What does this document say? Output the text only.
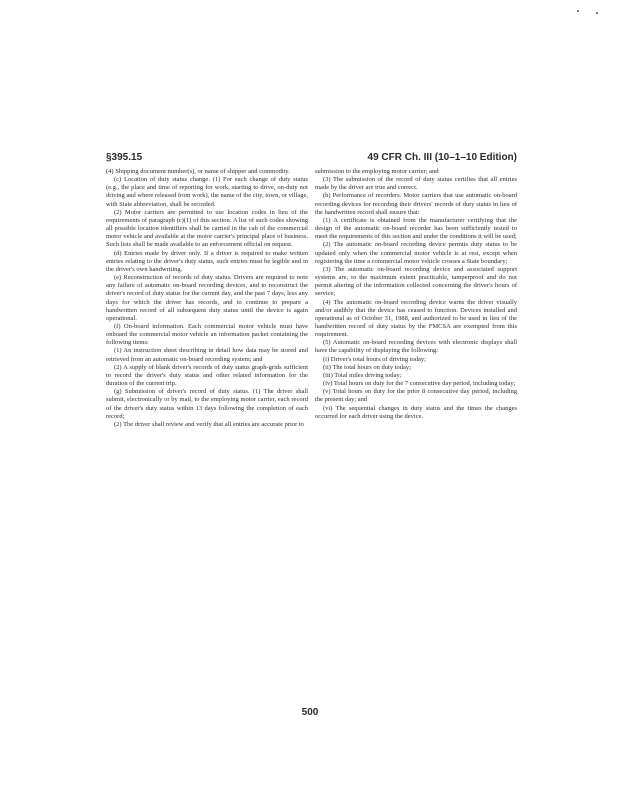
§395.15	49 CFR Ch. III (10–1–10 Edition)

(4) Shipping document number(s), or name of shipper and commodity.

(c) Location of duty status change. (1) For each change of duty status (e.g., the place and time of reporting for work, starting to drive, on-duty not driving and where released from work), the name of the city, town, or village, with State abbreviation, shall be recorded.

(2) Motor carriers are permitted to use location codes in lieu of the requirements of paragraph (c)(1) of this section. A list of such codes showing all possible location identifiers shall be carried in the cab of the commercial motor vehicle and available at the motor carrier's principal place of business. Such lists shall be made available to an enforcement official on request.

(d) Entries made by driver only. If a driver is required to make written entries relating to the driver's duty status, such entries must be legible and in the driver's own handwriting.

(e) Reconstruction of records of duty status. Drivers are required to note any failure of automatic on-board recording devices, and to reconstruct the driver's record of duty status for the current day, and the past 7 days, less any days for which the driver has records, and to continue to prepare a handwritten record of all subsequent duty status until the device is again operational.

(f) On-board information. Each commercial motor vehicle must have onboard the commercial motor vehicle an information packet containing the following items:

(1) An instruction sheet describing in detail how data may be stored and retrieved from an automatic on-board recording system; and

(2) A supply of blank driver's records of duty status graph-grids sufficient to record the driver's duty status and other related information for the duration of the current trip.

(g) Submission of driver's record of duty status. (1) The driver shall submit, electronically or by mail, to the employing motor carrier, each record of the driver's duty status within 13 days following the completion of each record;

(2) The driver shall review and verify that all entries are accurate prior to

submission to the employing motor carrier; and

(3) The submission of the record of duty status certifies that all entries made by the driver are true and correct.

(h) Performance of recorders. Motor carriers that use automatic on-board recording devices for recording their drivers' records of duty status in lieu of the handwritten record shall ensure that:

(1) A certificate is obtained from the manufacturer certifying that the design of the automatic on-board recorder has been sufficiently tested to meet the requirements of this section and under the conditions it will be used;

(2) The automatic on-board recording device permits duty status to be updated only when the commercial motor vehicle is at rest, except when registering the time a commercial motor vehicle crosses a State boundary;

(3) The automatic on-board recording device and associated support systems are, to the maximum extent practicable, tamperproof and do not permit altering of the information collected concerning the driver's hours of service;

(4) The automatic on-board recording device warns the driver visually and/or audibly that the device has ceased to function. Devices installed and operational as of October 31, 1988, and authorized to be used in lieu of the handwritten record of duty status by the FMCSA are exempted from this requirement.

(5) Automatic on-board recording devices with electronic displays shall have the capability of displaying the following:

(i) Driver's total hours of driving today;

(ii) The total hours on duty today;

(iii) Total miles driving today;

(iv) Total hours on duty for the 7 consecutive day period, including today;

(v) Total hours on duty for the prior 8 consecutive day period, including the present day; and

(vi) The sequential changes in duty status and the times the changes occurred for each driver using the device.

500
